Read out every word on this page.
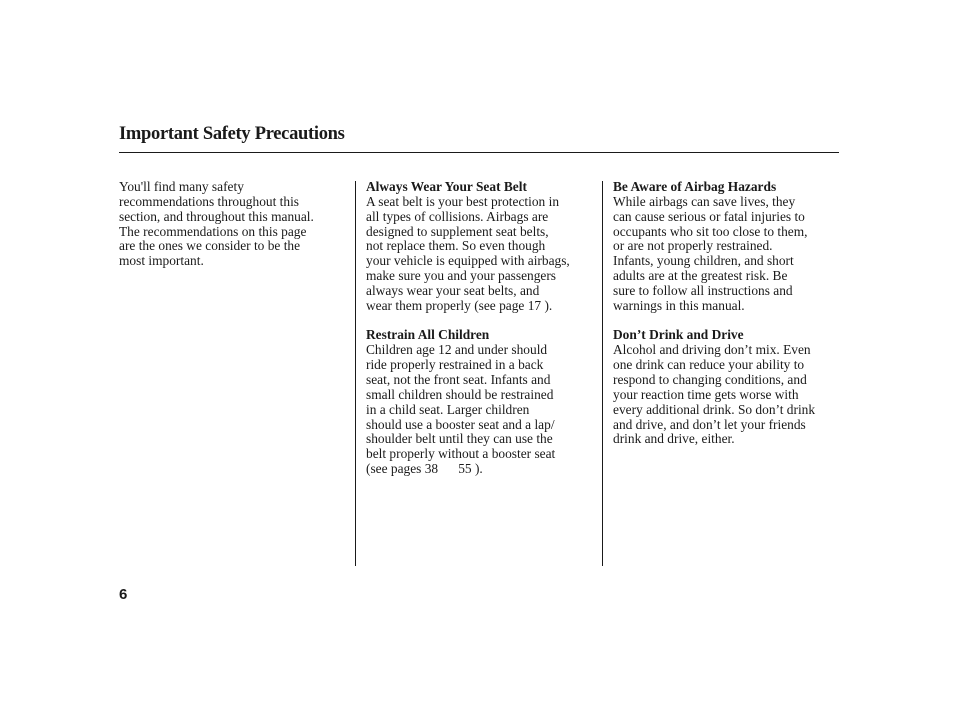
Important Safety Precautions
You'll find many safety
recommendations throughout this
section, and throughout this manual.
The recommendations on this page
are the ones we consider to be the
most important.
Always Wear Your Seat Belt
A seat belt is your best protection in
all types of collisions. Airbags are
designed to supplement seat belts,
not replace them. So even though
your vehicle is equipped with airbags,
make sure you and your passengers
always wear your seat belts, and
wear them properly (see page 17 ).
Restrain All Children
Children age 12 and under should
ride properly restrained in a back
seat, not the front seat. Infants and
small children should be restrained
in a child seat. Larger children
should use a booster seat and a lap/
shoulder belt until they can use the
belt properly without a booster seat
(see pages 38      55 ).
Be Aware of Airbag Hazards
While airbags can save lives, they
can cause serious or fatal injuries to
occupants who sit too close to them,
or are not properly restrained.
Infants, young children, and short
adults are at the greatest risk. Be
sure to follow all instructions and
warnings in this manual.
Don’t Drink and Drive
Alcohol and driving don’t mix. Even
one drink can reduce your ability to
respond to changing conditions, and
your reaction time gets worse with
every additional drink. So don’t drink
and drive, and don’t let your friends
drink and drive, either.
6
